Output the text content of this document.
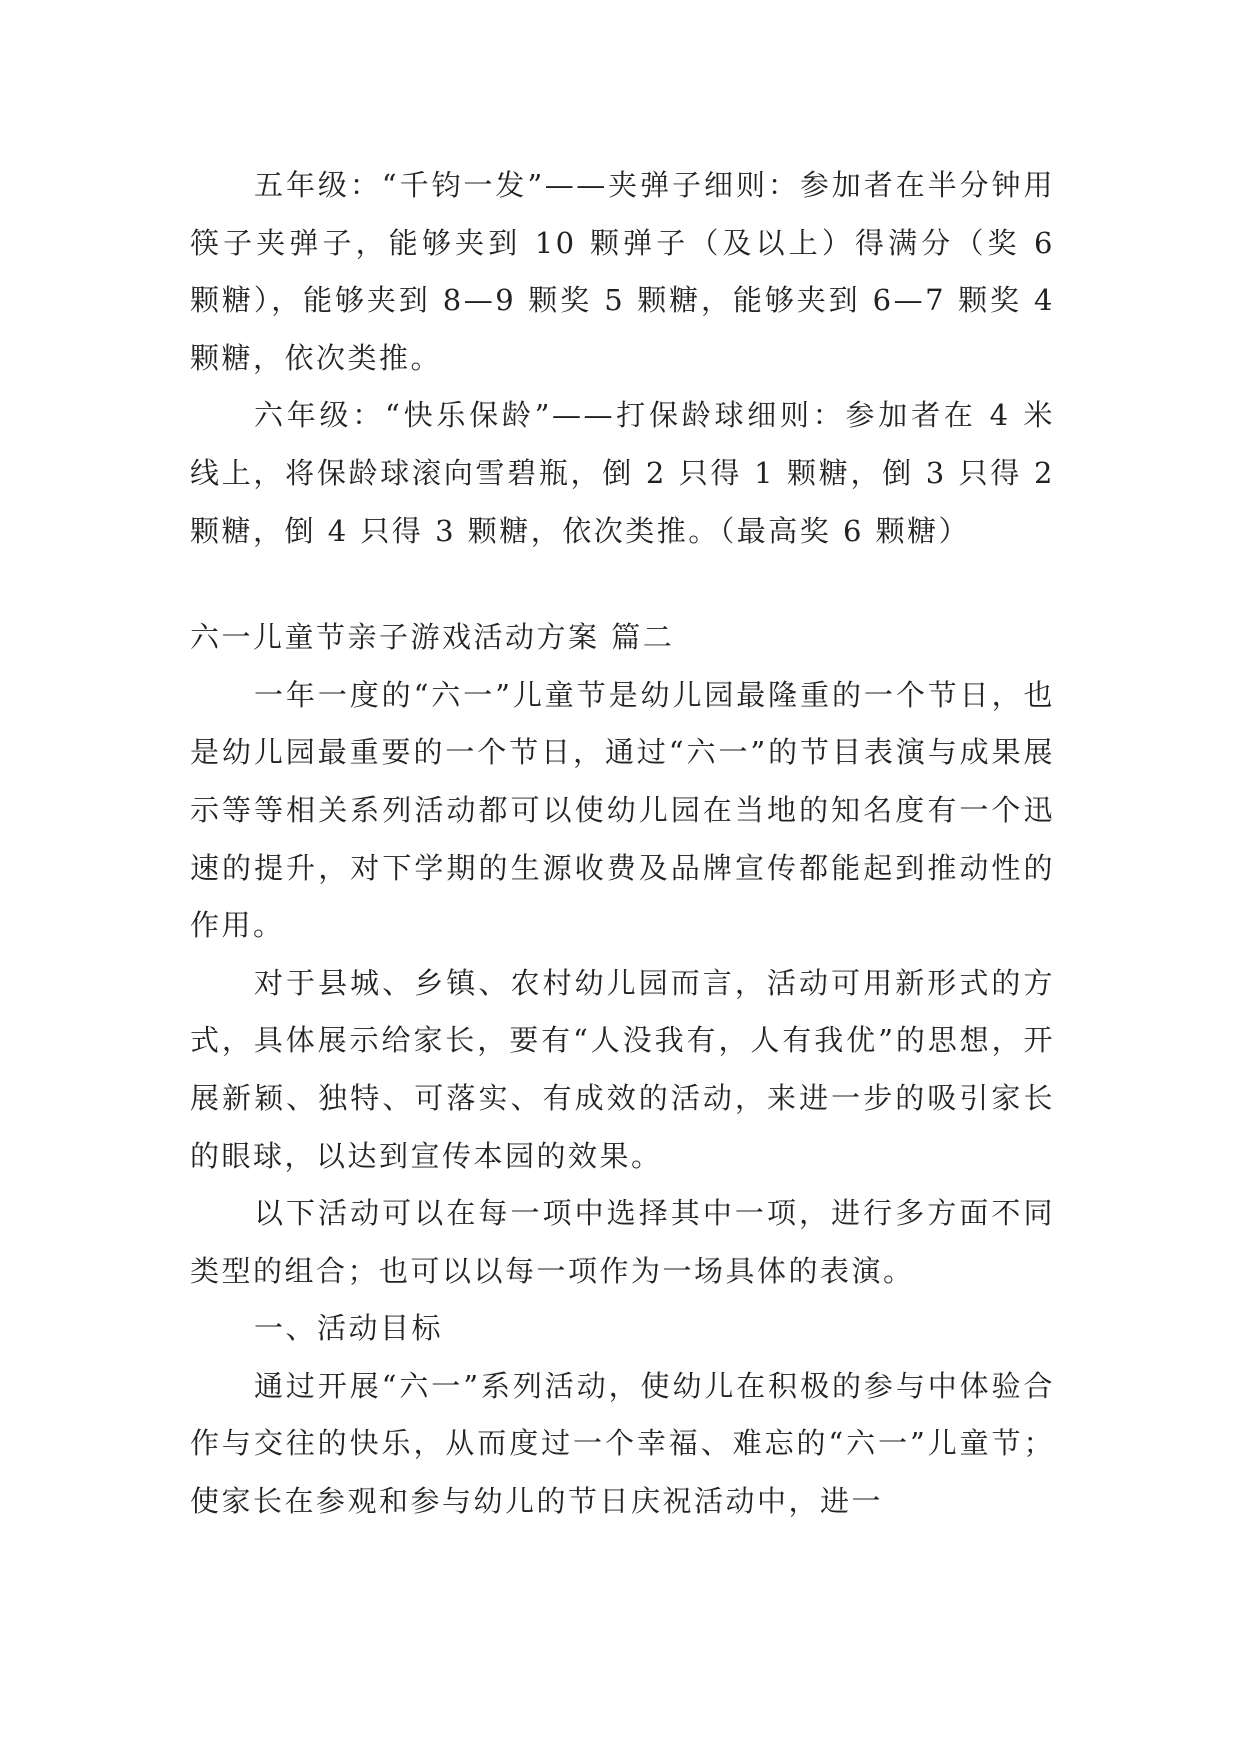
五年级：“千钧一发”——夹弹子细则：参加者在半分钟用筷子夹弹子，能够夹到 10 颗弹子（及以上）得满分（奖 6 颗糖），能够夹到 8—9 颗奖 5 颗糖，能够夹到 6—7 颗奖 4 颗糖，依次类推。

六年级：“快乐保龄”——打保龄球细则：参加者在 4 米线上，将保龄球滚向雪碧瓶，倒 2 只得 1 颗糖，倒 3 只得 2 颗糖，倒 4 只得 3 颗糖，依次类推。（最高奖 6 颗糖）

六一儿童节亲子游戏活动方案 篇二

一年一度的“六一”儿童节是幼儿园最隆重的一个节日，也是幼儿园最重要的一个节日，通过“六一”的节目表演与成果展示等等相关系列活动都可以使幼儿园在当地的知名度有一个迅速的提升，对下学期的生源收费及品牌宣传都能起到推动性的作用。

对于县城、乡镇、农村幼儿园而言，活动可用新形式的方式，具体展示给家长，要有“人没我有，人有我优”的思想，开展新颖、独特、可落实、有成效的活动，来进一步的吸引家长的眼球，以达到宣传本园的效果。

以下活动可以在每一项中选择其中一项，进行多方面不同类型的组合；也可以以每一项作为一场具体的表演。

一、活动目标

通过开展“六一”系列活动，使幼儿在积极的参与中体验合作与交往的快乐，从而度过一个幸福、难忘的“六一”儿童节；使家长在参观和参与幼儿的节日庆祝活动中，进一
